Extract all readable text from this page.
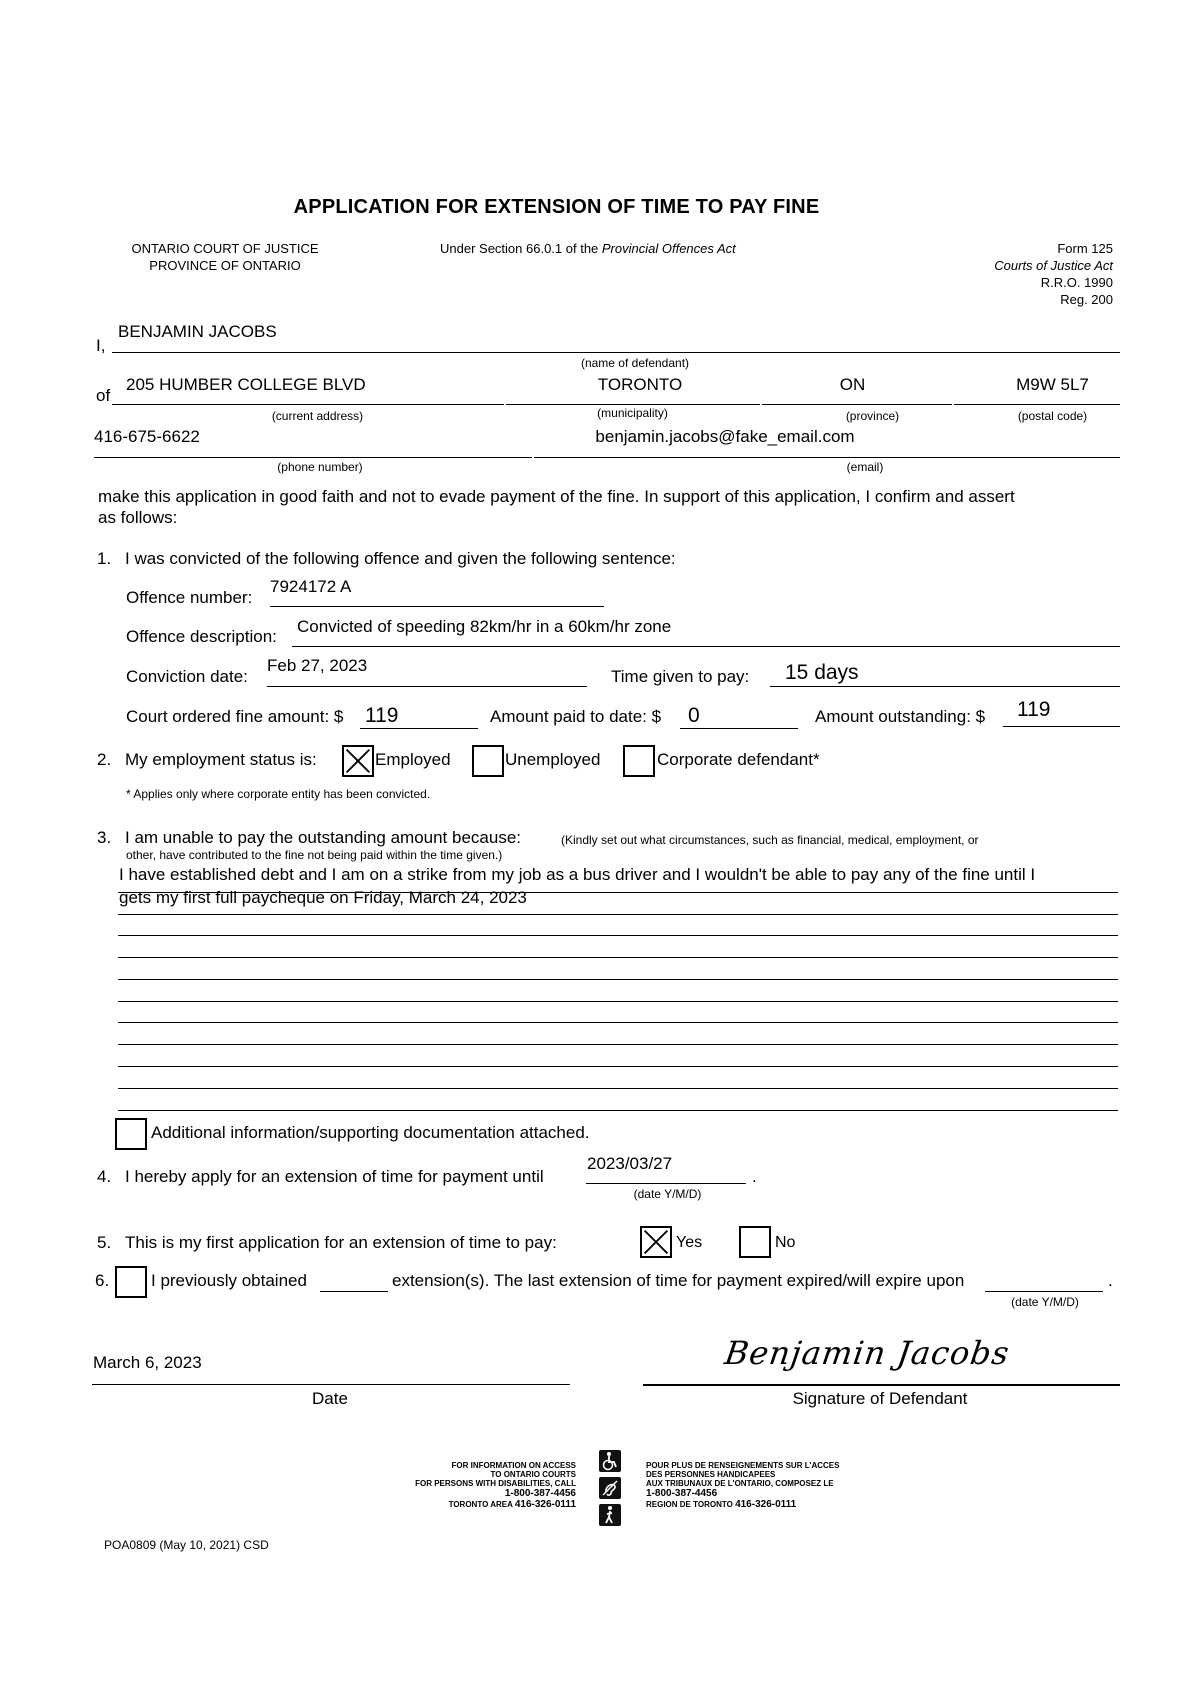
APPLICATION FOR EXTENSION OF TIME TO PAY FINE
ONTARIO COURT OF JUSTICE
PROVINCE OF ONTARIO
Under Section 66.0.1 of the Provincial Offences Act	Form 125
Courts of Justice Act
R.R.O. 1990
Reg. 200
I,
BENJAMIN JACOBS
(name of defendant)
of
205 HUMBER COLLEGE BLVD	TORONTO	ON	M9W 5L7
(current address)	(municipality)	(province)	(postal code)
416-675-6622	benjamin.jacobs@fake_email.com
(phone number)	(email)
make this application in good faith and not to evade payment of the fine. In support of this application, I confirm and assert
as follows:
1. I was convicted of the following offence and given the following sentence:
Offence number:
7924172 A
Offence description:
Convicted of speeding 82km/hr in a 60km/hr zone
Conviction date:
Feb 27, 2023
Time given to pay: 15 days
Court ordered fine amount: $ 119	Amount paid to date: $ 0	Amount outstanding: $ 119
2. My employment status is:	Employed	Unemployed	Corporate defendant*
* Applies only where corporate entity has been convicted.
3. I am unable to pay the outstanding amount because:	(Kindly set out what circumstances, such as financial, medical, employment, or
other, have contributed to the fine not being paid within the time given.)
I have established debt and I am on a strike from my job as a bus driver and I wouldn't be able to pay any of the fine until I
gets my first full paycheque on Friday, March 24, 2023
Additional information/supporting documentation attached.
4. I hereby apply for an extension of time for payment until
2023/03/27
.
(date Y/M/D)
5. This is my first application for an extension of time to pay:	Yes	No
6. I previously obtained	extension(s). The last extension of time for payment expired/will expire upon	.
(date Y/M/D)
March 6, 2023
Date
Benjamin Jacobs
Signature of Defendant
FOR INFORMATION ON ACCESS
TO ONTARIO COURTS
FOR PERSONS WITH DISABILITIES, CALL
1-800-387-4456
TORONTO AREA 416-326-0111
POUR PLUS DE RENSEIGNEMENTS SUR L'ACCES
DES PERSONNES HANDICAPEES
AUX TRIBUNAUX DE L'ONTARIO, COMPOSEZ LE
1-800-387-4456
REGION DE TORONTO 416-326-0111
POA0809 (May 10, 2021) CSD
